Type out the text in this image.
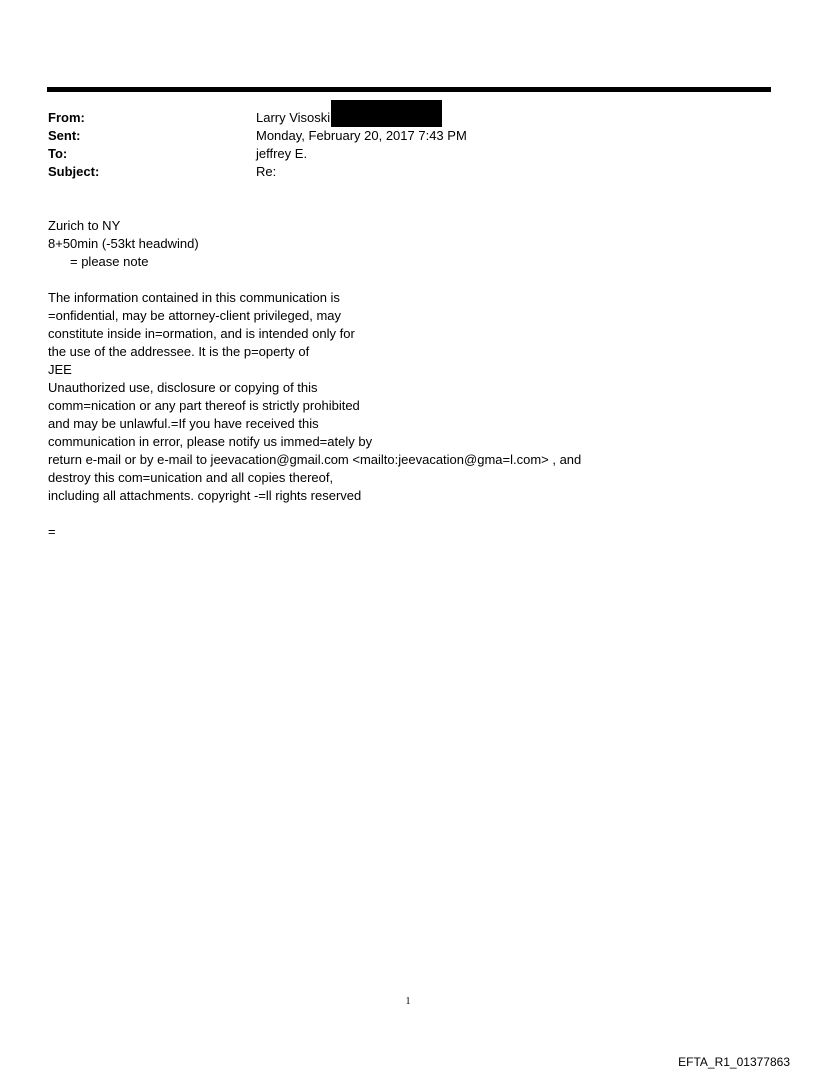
From:	Larry Visoski
Sent:	Monday, February 20, 2017 7:43 PM
To:	jeffrey E.
Subject:	Re:
Zurich to NY
8+50min (-53kt headwind)
= please note
The information contained in this communication is
=onfidential, may be attorney-client privileged, may
constitute inside in=ormation, and is intended only for
the use of the addressee. It is the p=operty of
JEE
Unauthorized use, disclosure or copying of this
comm=nication or any part thereof is strictly prohibited
and may be unlawful.=If you have received this
communication in error, please notify us immed=ately by
return e-mail or by e-mail to jeevacation@gmail.com <mailto:jeevacation@gma=l.com> , and
destroy this com=unication and all copies thereof,
including all attachments. copyright -=ll rights reserved
=
1
EFTA_R1_01377863
